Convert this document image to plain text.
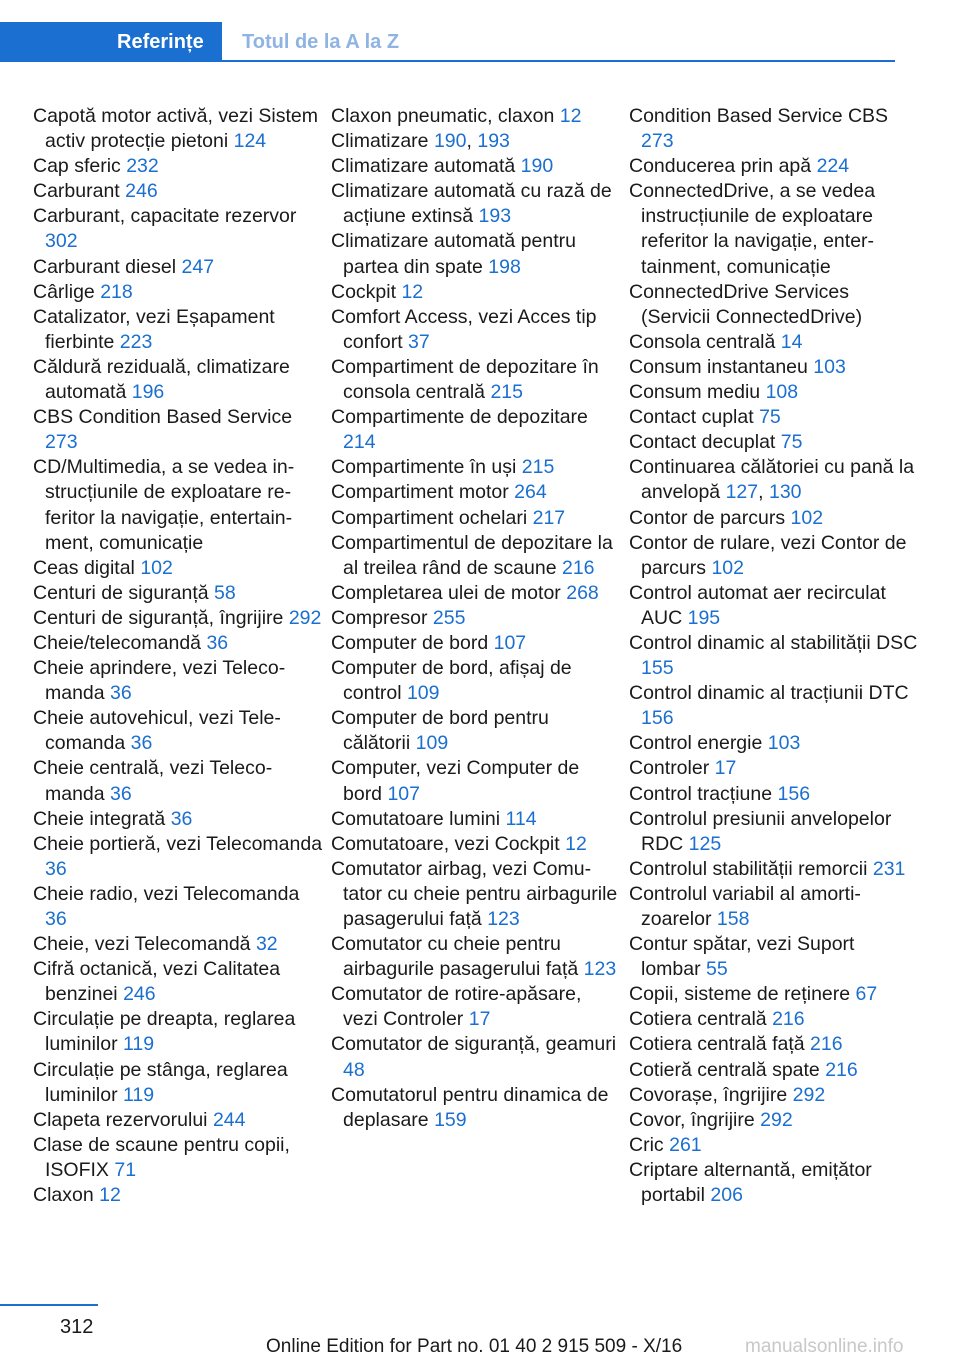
Referințe	Totul de la A la Z
Capotă motor activă, vezi Sistem activ protecție pietoni 124
Cap sferic 232
Carburant 246
Carburant, capacitate rezervor 302
Carburant diesel 247
Cârlige 218
Catalizator, vezi Eșapament fierbinte 223
Căldură reziduală, climatizare automată 196
CBS Condition Based Service 273
CD/Multimedia, a se vedea instrucțiunile de exploatare referitor la navigație, entertainment, comunicație
Ceas digital 102
Centuri de siguranță 58
Centuri de siguranță, îngrijire 292
Cheie/telecomandă 36
Cheie aprindere, vezi Telecomanda 36
Cheie autovehicul, vezi Telecomanda 36
Cheie centrală, vezi Telecomanda 36
Cheie integrată 36
Cheie portieră, vezi Telecomanda 36
Cheie radio, vezi Telecomanda 36
Cheie, vezi Telecomandă 32
Cifră octanică, vezi Calitatea benzinei 246
Circulație pe dreapta, reglarea luminilor 119
Circulație pe stânga, reglarea luminilor 119
Clapeta rezervorului 244
Clase de scaune pentru copii, ISOFIX 71
Claxon 12
Claxon pneumatic, claxon 12
Climatizare 190, 193
Climatizare automată 190
Climatizare automată cu rază de acțiune extinsă 193
Climatizare automată pentru partea din spate 198
Cockpit 12
Comfort Access, vezi Acces tip confort 37
Compartiment de depozitare în consola centrală 215
Compartimente de depozitare 214
Compartimente în uși 215
Compartiment motor 264
Compartiment ochelari 217
Compartimentul de depozitare la al treilea rând de scaune 216
Completarea ulei de motor 268
Compresor 255
Computer de bord 107
Computer de bord, afișaj de control 109
Computer de bord pentru călătorii 109
Computer, vezi Computer de bord 107
Comutatoare lumini 114
Comutatoare, vezi Cockpit 12
Comutator airbag, vezi Comutator cu cheie pentru airbagurile pasagerului față 123
Comutator cu cheie pentru airbagurile pasagerului față 123
Comutator de rotire-apăsare, vezi Controler 17
Comutator de siguranță, geamuri 48
Comutatorul pentru dinamica de deplasare 159
Condition Based Service CBS 273
Conducerea prin apă 224
ConnectedDrive, a se vedea instrucțiunile de exploatare referitor la navigație, entertainment, comunicație
ConnectedDrive Services (Servicii ConnectedDrive)
Consola centrală 14
Consum instantaneu 103
Consum mediu 108
Contact cuplat 75
Contact decuplat 75
Continuarea călătoriei cu pană la anvelopă 127, 130
Contor de parcurs 102
Contor de rulare, vezi Contor de parcurs 102
Control automat aer recirculat AUC 195
Control dinamic al stabilității DSC 155
Control dinamic al tracțiunii DTC 156
Control energie 103
Controler 17
Control tracțiune 156
Controlul presiunii anvelopelor RDC 125
Controlul stabilității remorcii 231
Controlul variabil al amortizoarelor 158
Contur spătar, vezi Suport lombar 55
Copii, sisteme de reținere 67
Cotiera centrală 216
Cotiera centrală față 216
Cotieră centrală spate 216
Covorașe, îngrijire 292
Covor, îngrijire 292
Cric 261
Criptare alternantă, emițător portabil 206
312
Online Edition for Part no. 01 40 2 915 509 - X/16	manualsonline.info
